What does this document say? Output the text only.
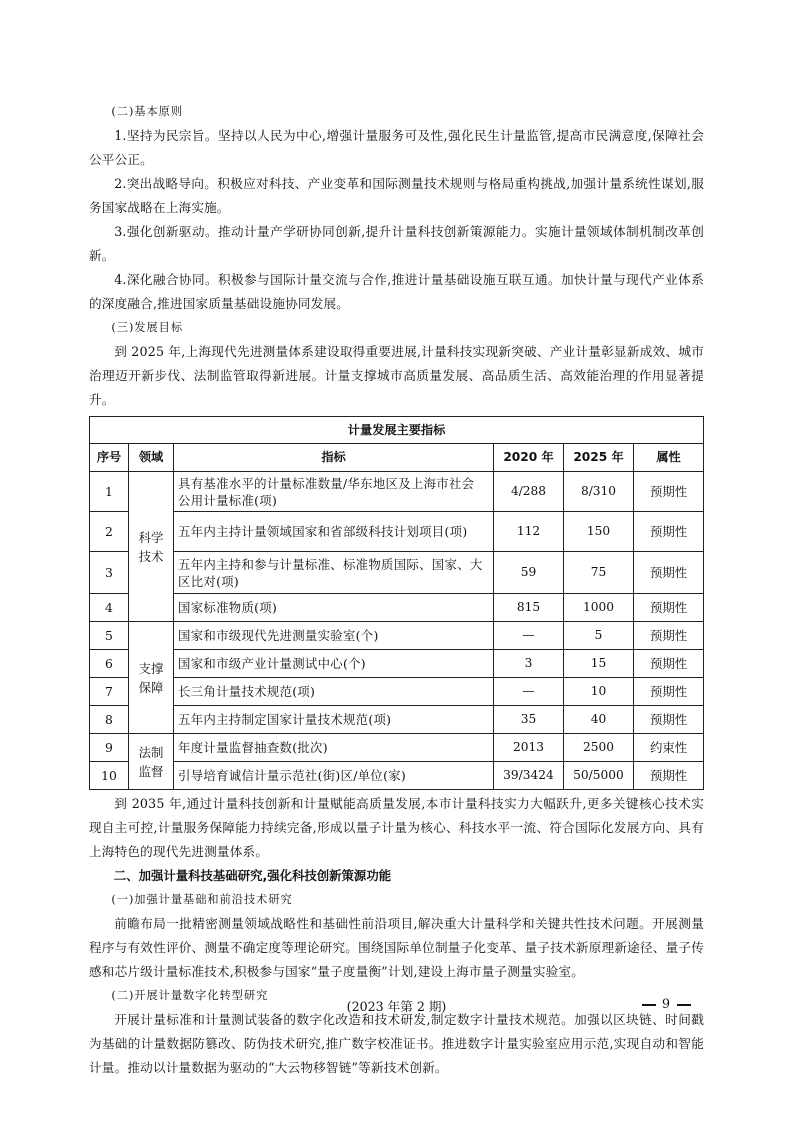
(二)基本原则

1.坚持为民宗旨。坚持以人民为中心,增强计量服务可及性,强化民生计量监管,提高市民满意度,保障社会公平公正。

2.突出战略导向。积极应对科技、产业变革和国际测量技术规则与格局重构挑战,加强计量系统性谋划,服务国家战略在上海实施。

3.强化创新驱动。推动计量产学研协同创新,提升计量科技创新策源能力。实施计量领域体制机制改革创新。

4.深化融合协同。积极参与国际计量交流与合作,推进计量基础设施互联互通。加快计量与现代产业体系的深度融合,推进国家质量基础设施协同发展。

(三)发展目标

到 2025 年,上海现代先进测量体系建设取得重要进展,计量科技实现新突破、产业计量彰显新成效、城市治理迈开新步伐、法制监管取得新进展。计量支撑城市高质量发展、高品质生活、高效能治理的作用显著提升。

计量发展主要指标					
序号	领域	指标	2020 年	2025 年	属性
1	科学技术	具有基准水平的计量标准数量/华东地区及上海市社会公用计量标准(项)	4/288	8/310	预期性
2		五年内主持计量领域国家和省部级科技计划项目(项)	112	150	预期性
3		五年内主持和参与计量标准、标准物质国际、国家、大区比对(项)	59	75	预期性
4		国家标准物质(项)	815	1000	预期性
5	支撑保障	国家和市级现代先进测量实验室(个)	—	5	预期性
6		国家和市级产业计量测试中心(个)	3	15	预期性
7		长三角计量技术规范(项)	—	10	预期性
8		五年内主持制定国家计量技术规范(项)	35	40	预期性
9	法制监督	年度计量监督抽查数(批次)	2013	2500	约束性
10		引导培育诚信计量示范社(街)区/单位(家)	39/3424	50/5000	预期性

到 2035 年,通过计量科技创新和计量赋能高质量发展,本市计量科技实力大幅跃升,更多关键核心技术实现自主可控,计量服务保障能力持续完备,形成以量子计量为核心、科技水平一流、符合国际化发展方向、具有上海特色的现代先进测量体系。

二、加强计量科技基础研究,强化科技创新策源功能

(一)加强计量基础和前沿技术研究

前瞻布局一批精密测量领域战略性和基础性前沿项目,解决重大计量科学和关键共性技术问题。开展测量程序与有效性评价、测量不确定度等理论研究。围绕国际单位制量子化变革、量子技术新原理新途径、量子传感和芯片级计量标准技术,积极参与国家“量子度量衡”计划,建设上海市量子测量实验室。

(二)开展计量数字化转型研究

开展计量标准和计量测试装备的数字化改造和技术研发,制定数字计量技术规范。加强以区块链、时间戳为基础的计量数据防篡改、防伪技术研究,推广数字校准证书。推进数字计量实验室应用示范,实现自动和智能计量。推动以计量数据为驱动的“大云物移智链”等新技术创新。

(2023 年第 2 期)	9
